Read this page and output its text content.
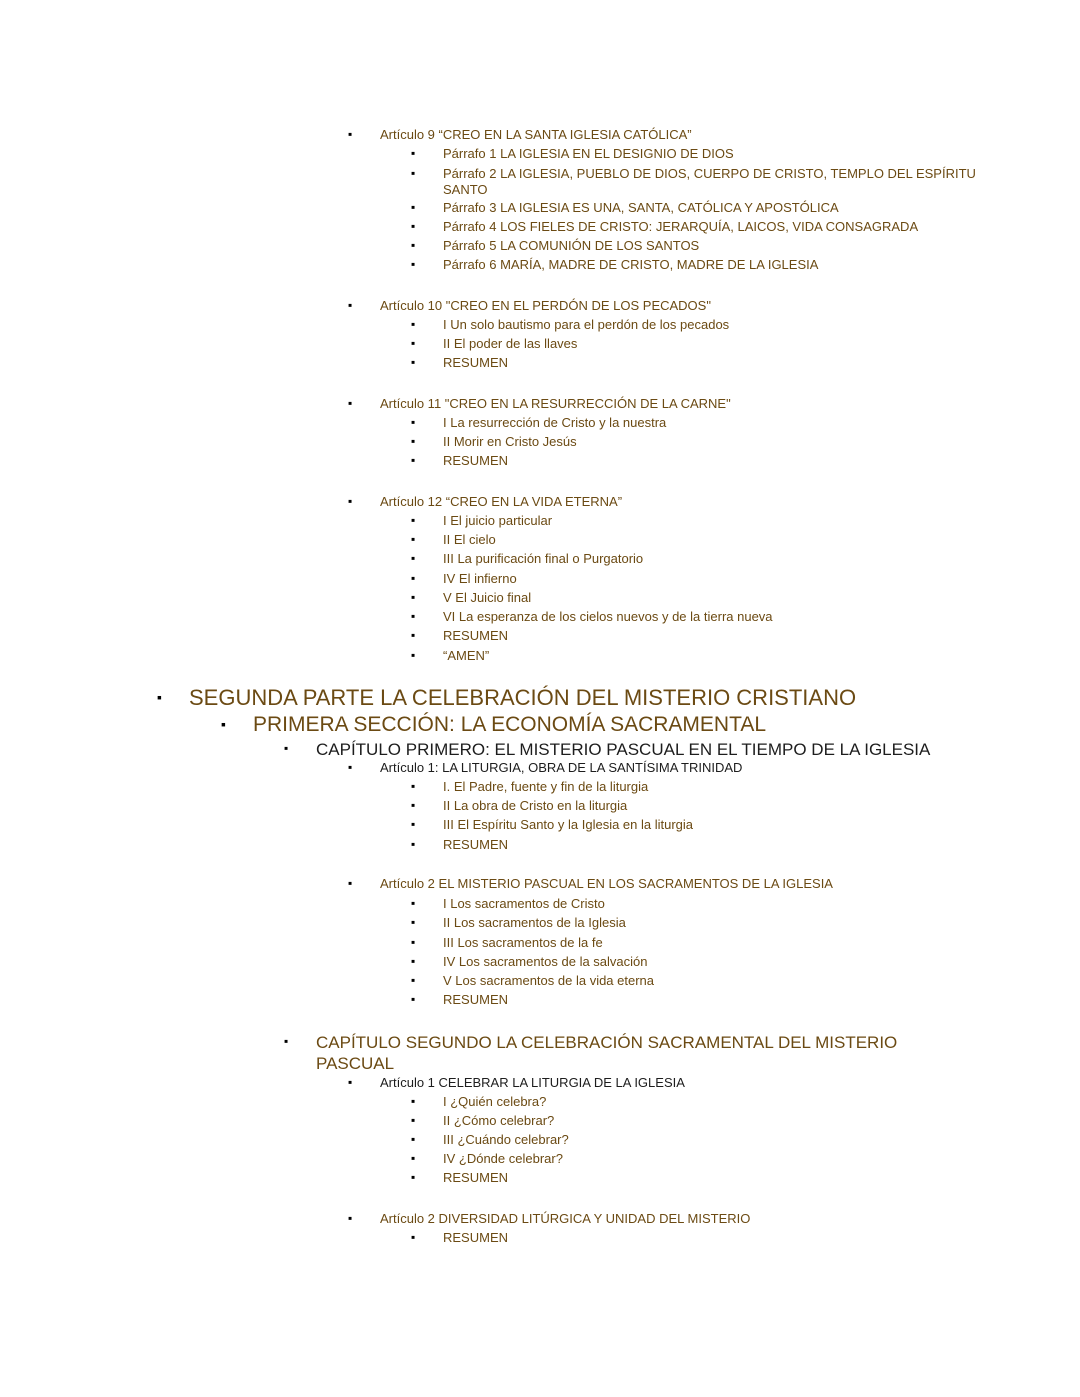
▪ Artículo 9 “CREO EN LA SANTA IGLESIA CATÓLICA”
▪ Párrafo 1 LA IGLESIA EN EL DESIGNIO DE DIOS
▪ Párrafo 2 LA IGLESIA, PUEBLO DE DIOS, CUERPO DE CRISTO, TEMPLO DEL ESPÍRITU
SANTO
▪ Párrafo 3 LA IGLESIA ES UNA, SANTA, CATÓLICA Y APOSTÓLICA
▪ Párrafo 4 LOS FIELES DE CRISTO: JERARQUÍA, LAICOS, VIDA CONSAGRADA
▪ Párrafo 5 LA COMUNIÓN DE LOS SANTOS
▪ Párrafo 6 MARÍA, MADRE DE CRISTO, MADRE DE LA IGLESIA
▪ Artículo 10 "CREO EN EL PERDÓN DE LOS PECADOS"
▪ I Un solo bautismo para el perdón de los pecados
▪ II El poder de las llaves
▪ RESUMEN
▪ Artículo 11 "CREO EN LA RESURRECCIÓN DE LA CARNE"
▪ I La resurrección de Cristo y la nuestra
▪ II Morir en Cristo Jesús
▪ RESUMEN
▪ Artículo 12 “CREO EN LA VIDA ETERNA”
▪ I El juicio particular
▪ II El cielo
▪ III La purificación final o Purgatorio
▪ IV El infierno
▪ V El Juicio final
▪ VI La esperanza de los cielos nuevos y de la tierra nueva
▪ RESUMEN
▪ “AMEN”
▪ SEGUNDA PARTE LA CELEBRACIÓN DEL MISTERIO CRISTIANO
▪ PRIMERA SECCIÓN: LA ECONOMÍA SACRAMENTAL
▪ CAPÍTULO PRIMERO: EL MISTERIO PASCUAL EN EL TIEMPO DE LA IGLESIA
▪ Artículo 1: LA LITURGIA, OBRA DE LA SANTÍSIMA TRINIDAD
▪ I. El Padre, fuente y fin de la liturgia
▪ II La obra de Cristo en la liturgia
▪ III El Espíritu Santo y la Iglesia en la liturgia
▪ RESUMEN
▪ Artículo 2 EL MISTERIO PASCUAL EN LOS SACRAMENTOS DE LA IGLESIA
▪ I Los sacramentos de Cristo
▪ II Los sacramentos de la Iglesia
▪ III Los sacramentos de la fe
▪ IV Los sacramentos de la salvación
▪ V Los sacramentos de la vida eterna
▪ RESUMEN
▪ CAPÍTULO SEGUNDO LA CELEBRACIÓN SACRAMENTAL DEL MISTERIO
PASCUAL
▪ Artículo 1 CELEBRAR LA LITURGIA DE LA IGLESIA
▪ I ¿Quién celebra?
▪ II ¿Cómo celebrar?
▪ III ¿Cuándo celebrar?
▪ IV ¿Dónde celebrar?
▪ RESUMEN
▪ Artículo 2 DIVERSIDAD LITÚRGICA Y UNIDAD DEL MISTERIO
▪ RESUMEN
